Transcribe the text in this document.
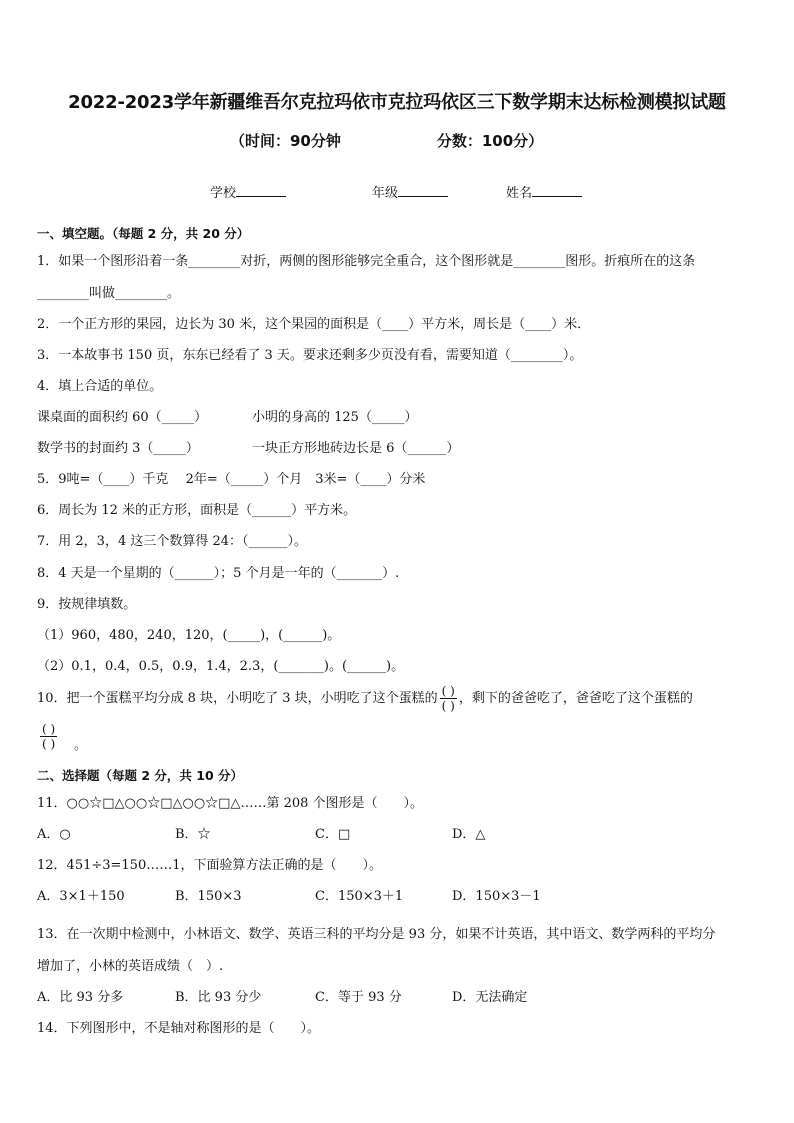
2022-2023学年新疆维吾尔克拉玛依市克拉玛依区三下数学期末达标检测模拟试题
（时间：90分钟	分数：100分）
学校	年级	姓名
一、填空题。（每题 2 分，共 20 分）
1．如果一个图形沿着一条________对折，两侧的图形能够完全重合，这个图形就是________图形。折痕所在的这条
________叫做________。
2．一个正方形的果园，边长为 30 米，这个果园的面积是（____）平方米，周长是（____）米．
3．一本故事书 150 页，东东已经看了 3 天。要求还剩多少页没有看，需要知道（________）。
4．填上合适的单位。
课桌面的面积约 60（_____）	小明的身高的 125（_____）
数学书的封面约 3（_____）	一块正方形地砖边长是 6（______）
5．9吨=（____）千克　 2年=（_____）个月　3米=（____）分米
6．周长为 12 米的正方形，面积是（______）平方米。
7．用 2，3，4 这三个数算得 24：（______）。
8．4 天是一个星期的（______）；5 个月是一年的（_______）.
9．按规律填数。
（1）960，480，240，120，(_____)，(______)。
（2）0.1，0.4，0.5，0.9，1.4，2.3，(_______)。(______)。
10．把一个蛋糕平均分成 8 块，小明吃了 3 块，小明吃了这个蛋糕的 $\frac{( )}{( )}$ ，剩下的爸爸吃了，爸爸吃了这个蛋糕的
( )
( ) 。
二、选择题（每题 2 分，共 10 分）
11．○○☆□△○○☆□△○○☆□△……第 208 个图形是（　　）。
A．○	B．☆	C．□	D．△
12．451÷3=150……1，下面验算方法正确的是（　　）。
A．3×1＋150	B．150×3	C．150×3＋1	D．150×3－1
13．在一次期中检测中，小林语文、数学、英语三科的平均分是 93 分，如果不计英语，其中语文、数学两科的平均分
增加了，小林的英语成绩（　）.
A．比 93 分多	B．比 93 分少	C．等于 93 分	D．无法确定
14．下列图形中，不是轴对称图形的是（　　）。
